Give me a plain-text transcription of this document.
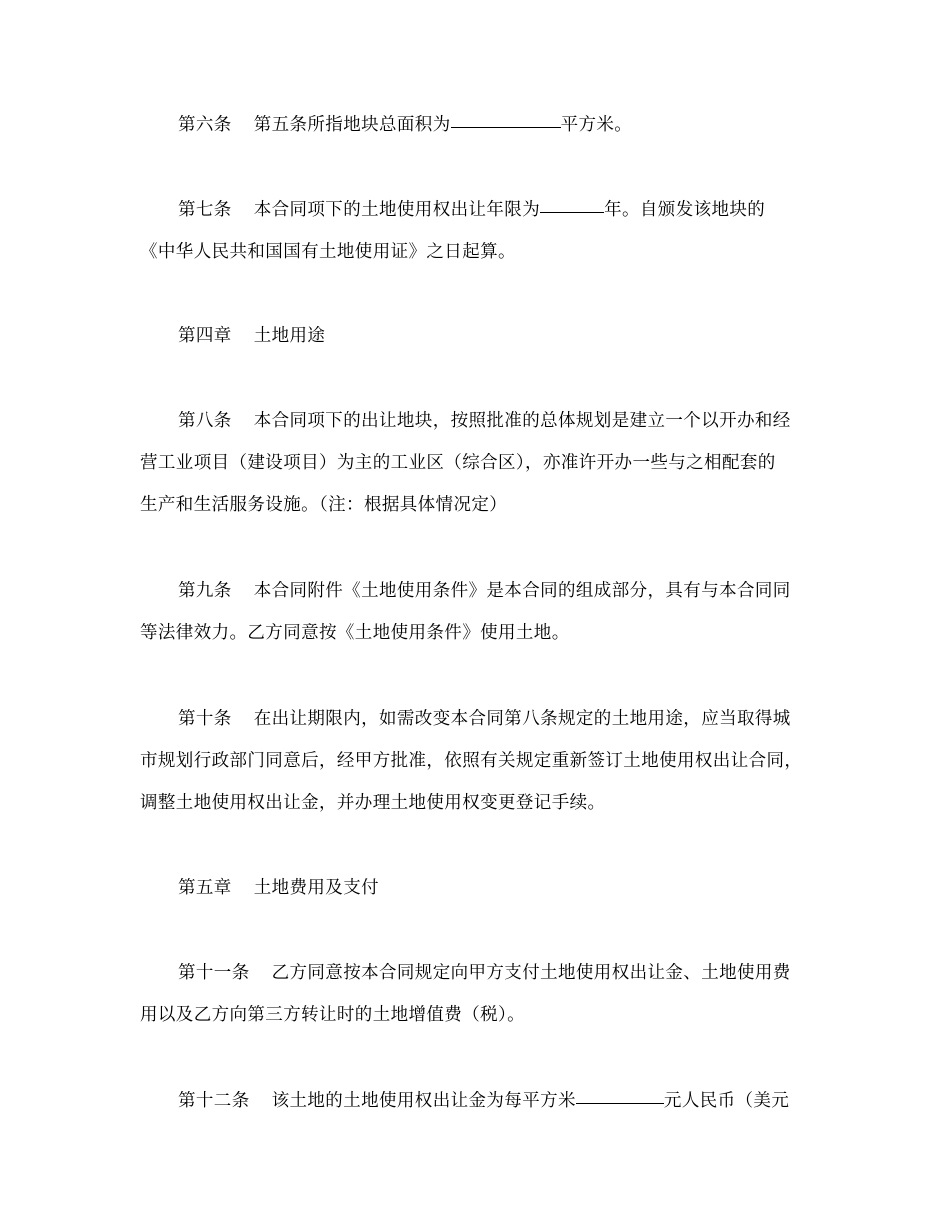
第六条 第五条所指地块总面积为	平方米。
第七条 本合同项下的土地使用权出让年限为	年。自颁发该地块的
《中华人民共和国国有土地使用证》之日起算。
第四章 土地用途
第八条 本合同项下的出让地块，按照批准的总体规划是建立一个以开办和经
营工业项目（建设项目）为主的工业区（综合区），亦准许开办一些与之相配套的
生产和生活服务设施。（注：根据具体情况定）
第九条 本合同附件《土地使用条件》是本合同的组成部分，具有与本合同同
等法律效力。乙方同意按《土地使用条件》使用土地。
第十条 在出让期限内，如需改变本合同第八条规定的土地用途，应当取得城
市规划行政部门同意后，经甲方批准，依照有关规定重新签订土地使用权出让合同，
调整土地使用权出让金，并办理土地使用权变更登记手续。
第五章 土地费用及支付
第十一条 乙方同意按本合同规定向甲方支付土地使用权出让金、土地使用费
用以及乙方向第三方转让时的土地增值费（税）。
第十二条 该土地的土地使用权出让金为每平方米	元人民币（美元
